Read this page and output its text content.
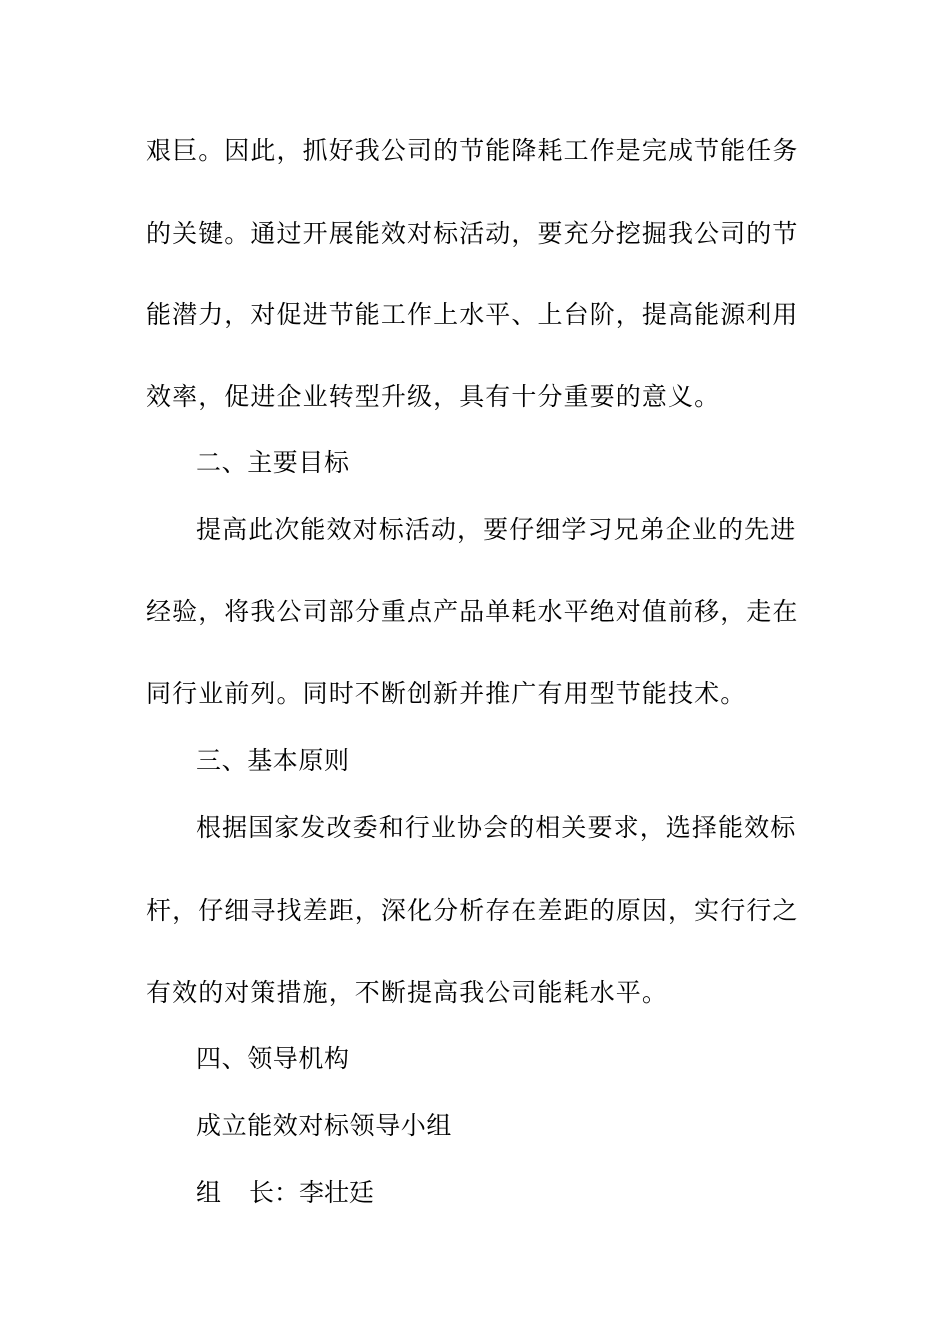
艰巨。因此，抓好我公司的节能降耗工作是完成节能任务

的关键。通过开展能效对标活动，要充分挖掘我公司的节

能潜力，对促进节能工作上水平、上台阶，提高能源利用

效率，促进企业转型升级，具有十分重要的意义。

二、主要目标

提高此次能效对标活动，要仔细学习兄弟企业的先进

经验，将我公司部分重点产品单耗水平绝对值前移，走在

同行业前列。同时不断创新并推广有用型节能技术。

三、基本原则

根据国家发改委和行业协会的相关要求，选择能效标

杆，仔细寻找差距，深化分析存在差距的原因，实行行之

有效的对策措施，不断提高我公司能耗水平。

四、领导机构

成立能效对标领导小组

组 长：李壮廷
